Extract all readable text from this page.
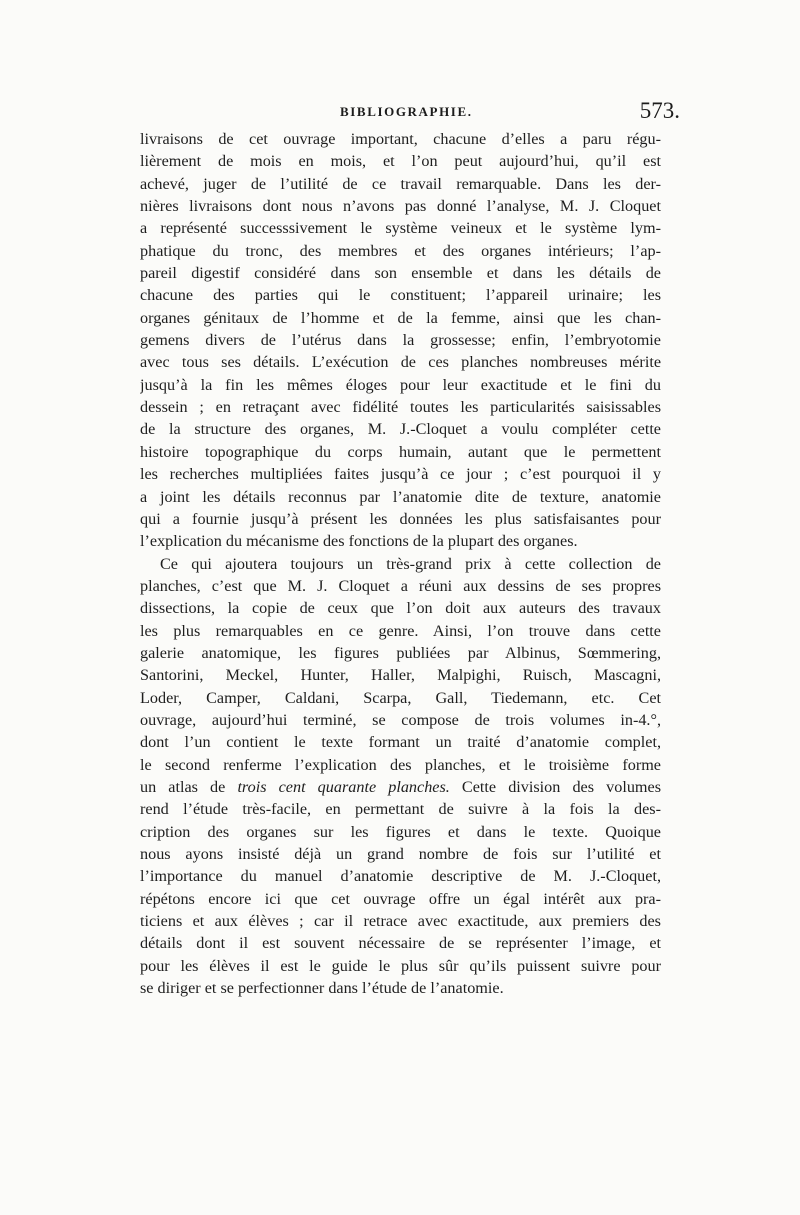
BIBLIOGRAPHIE.	573.
livraisons de cet ouvrage important, chacune d’elles a paru régu-
lièrement de mois en mois, et l’on peut aujourd’hui, qu’il est
achevé, juger de l’utilité de ce travail remarquable. Dans les der-
nières livraisons dont nous n’avons pas donné l’analyse, M. J. Cloquet
a représenté successsivement le système veineux et le système lym-
phatique du tronc, des membres et des organes intérieurs; l’ap-
pareil digestif considéré dans son ensemble et dans les détails de
chacune des parties qui le constituent; l’appareil urinaire; les
organes génitaux de l’homme et de la femme, ainsi que les chan-
gemens divers de l’utérus dans la grossesse; enfin, l’embryotomie
avec tous ses détails. L’exécution de ces planches nombreuses mérite
jusqu’à la fin les mêmes éloges pour leur exactitude et le fini du
dessein ; en retraçant avec fidélité toutes les particularités saisissables
de la structure des organes, M. J.-Cloquet a voulu compléter cette
histoire topographique du corps humain, autant que le permettent
les recherches multipliées faites jusqu’à ce jour ; c’est pourquoi il y
a joint les détails reconnus par l’anatomie dite de texture, anatomie
qui a fournie jusqu’à présent les données les plus satisfaisantes pour
l’explication du mécanisme des fonctions de la plupart des organes.
Ce qui ajoutera toujours un très-grand prix à cette collection de
planches, c’est que M. J. Cloquet a réuni aux dessins de ses propres
dissections, la copie de ceux que l’on doit aux auteurs des travaux
les plus remarquables en ce genre. Ainsi, l’on trouve dans cette
galerie anatomique, les figures publiées par Albinus, Sœmmering,
Santorini, Meckel, Hunter, Haller, Malpighi, Ruisch, Mascagni,
Loder, Camper, Caldani, Scarpa, Gall, Tiedemann, etc. Cet
ouvrage, aujourd’hui terminé, se compose de trois volumes in-4.°,
dont l’un contient le texte formant un traité d’anatomie complet,
le second renferme l’explication des planches, et le troisième forme
un atlas de trois cent quarante planches. Cette division des volumes
rend l’étude très-facile, en permettant de suivre à la fois la des-
cription des organes sur les figures et dans le texte. Quoique
nous ayons insisté déjà un grand nombre de fois sur l’utilité et
l’importance du manuel d’anatomie descriptive de M. J.-Cloquet,
répétons encore ici que cet ouvrage offre un égal intérêt aux pra-
ticiens et aux élèves ; car il retrace avec exactitude, aux premiers des
détails dont il est souvent nécessaire de se représenter l’image, et
pour les élèves il est le guide le plus sûr qu’ils puissent suivre pour
se diriger et se perfectionner dans l’étude de l’anatomie.
